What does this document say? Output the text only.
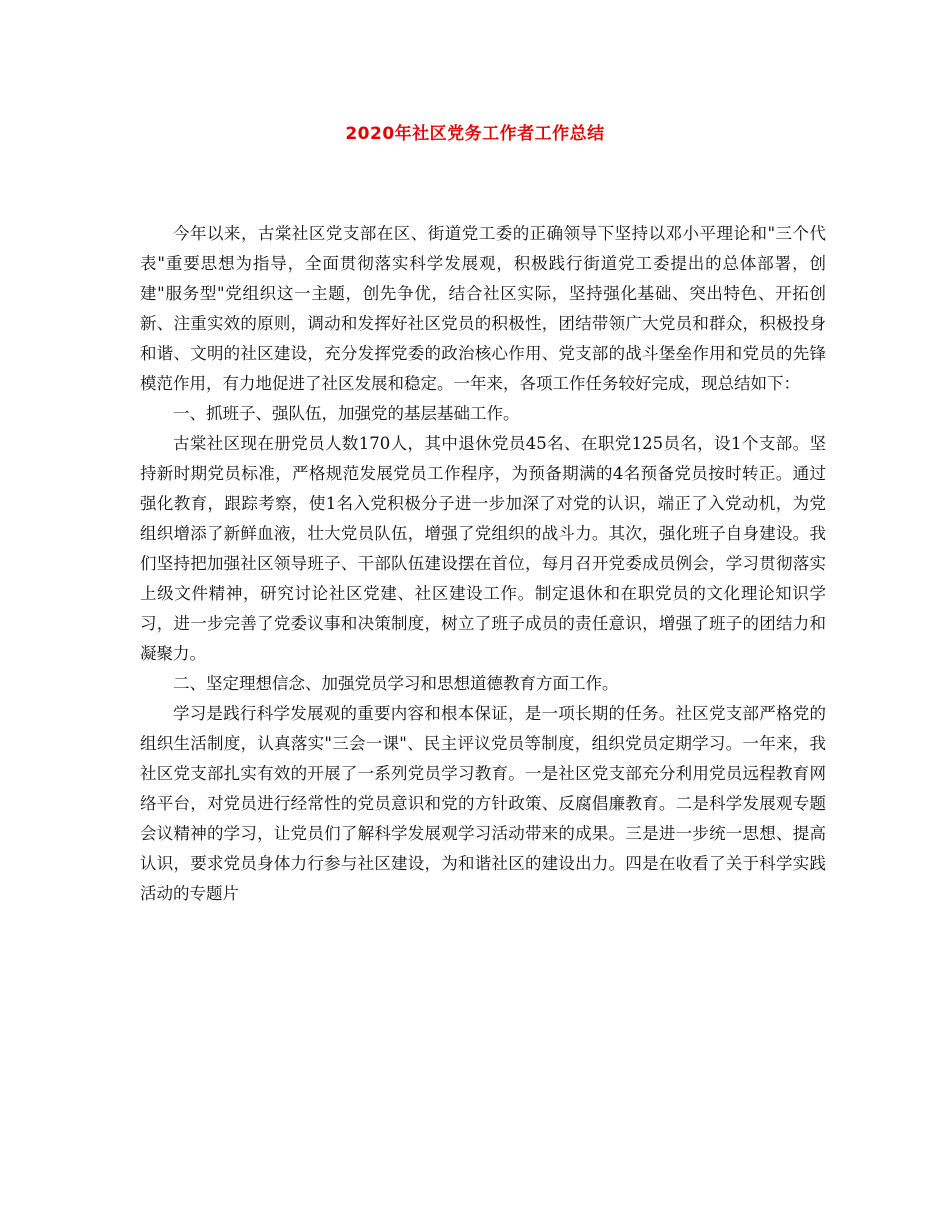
2020年社区党务工作者工作总结

今年以来，古棠社区党支部在区、街道党工委的正确领导下坚持以邓小平理论和"三个代表"重要思想为指导，全面贯彻落实科学发展观，积极践行街道党工委提出的总体部署，创建"服务型"党组织这一主题，创先争优，结合社区实际，坚持强化基础、突出特色、开拓创新、注重实效的原则，调动和发挥好社区党员的积极性，团结带领广大党员和群众，积极投身和谐、文明的社区建设，充分发挥党委的政治核心作用、党支部的战斗堡垒作用和党员的先锋模范作用，有力地促进了社区发展和稳定。一年来，各项工作任务较好完成，现总结如下：

一、抓班子、强队伍，加强党的基层基础工作。

古棠社区现在册党员人数170人，其中退休党员45名、在职党125员名，设1个支部。坚持新时期党员标准，严格规范发展党员工作程序，为预备期满的4名预备党员按时转正。通过强化教育，跟踪考察，使1名入党积极分子进一步加深了对党的认识，端正了入党动机，为党组织增添了新鲜血液，壮大党员队伍，增强了党组织的战斗力。其次，强化班子自身建设。我们坚持把加强社区领导班子、干部队伍建设摆在首位，每月召开党委成员例会，学习贯彻落实上级文件精神，研究讨论社区党建、社区建设工作。制定退休和在职党员的文化理论知识学习，进一步完善了党委议事和决策制度，树立了班子成员的责任意识，增强了班子的团结力和凝聚力。

二、坚定理想信念、加强党员学习和思想道德教育方面工作。

学习是践行科学发展观的重要内容和根本保证，是一项长期的任务。社区党支部严格党的组织生活制度，认真落实"三会一课"、民主评议党员等制度，组织党员定期学习。一年来，我社区党支部扎实有效的开展了一系列党员学习教育。一是社区党支部充分利用党员远程教育网络平台，对党员进行经常性的党员意识和党的方针政策、反腐倡廉教育。二是科学发展观专题会议精神的学习，让党员们了解科学发展观学习活动带来的成果。三是进一步统一思想、提高认识，要求党员身体力行参与社区建设，为和谐社区的建设出力。四是在收看了关于科学实践活动的专题片
